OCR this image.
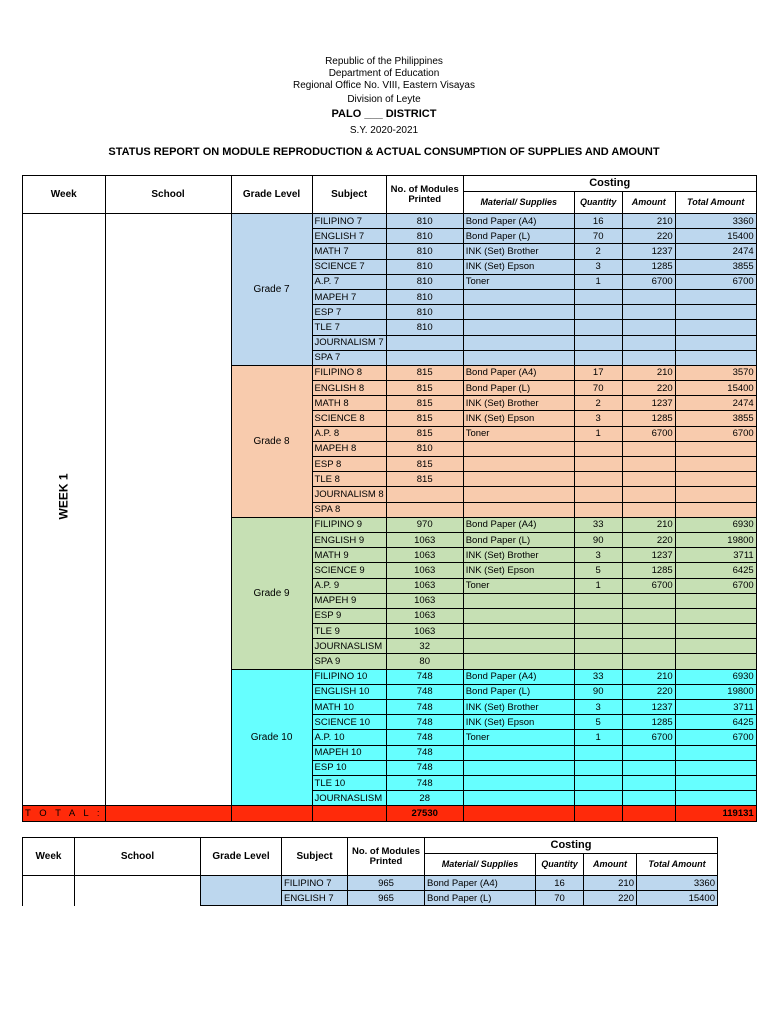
Republic of the Philippines
Department of Education
Regional Office No. VIII, Eastern Visayas
Division of Leyte
PALO ___ DISTRICT
S.Y. 2020-2021
STATUS REPORT ON MODULE REPRODUCTION & ACTUAL CONSUMPTION OF SUPPLIES AND AMOUNT
Week	School	Grade Level	Subject	No. of Modules Printed	Costing			
					Material/ Supplies	Quantity	Amount	Total Amount

WEEK 1		Grade 7	FILIPINO 7	810	Bond Paper (A4)	16	210	3360
			ENGLISH 7	810	Bond Paper (L)	70	220	15400
			MATH 7	810	INK (Set) Brother	2	1237	2474
			SCIENCE 7	810	INK (Set) Epson	3	1285	3855
			A.P. 7	810	Toner	1	6700	6700
			MAPEH 7	810				
			ESP 7	810				
			TLE 7	810				
			JOURNALISM 7					
			SPA 7					
		Grade 8	FILIPINO 8	815	Bond Paper (A4)	17	210	3570
			ENGLISH 8	815	Bond Paper (L)	70	220	15400
			MATH 8	815	INK (Set) Brother	2	1237	2474
			SCIENCE 8	815	INK (Set) Epson	3	1285	3855
			A.P. 8	815	Toner	1	6700	6700
			MAPEH 8	810				
			ESP 8	815				
			TLE 8	815				
			JOURNALISM 8					
			SPA 8					
		Grade 9	FILIPINO 9	970	Bond Paper (A4)	33	210	6930
			ENGLISH 9	1063	Bond Paper (L)	90	220	19800
			MATH 9	1063	INK (Set) Brother	3	1237	3711
			SCIENCE 9	1063	INK (Set) Epson	5	1285	6425
			A.P. 9	1063	Toner	1	6700	6700
			MAPEH 9	1063				
			ESP 9	1063				
			TLE 9	1063				
			JOURNASLISM	32				
			SPA 9	80				
		Grade 10	FILIPINO 10	748	Bond Paper (A4)	33	210	6930
			ENGLISH 10	748	Bond Paper (L)	90	220	19800
			MATH 10	748	INK (Set) Brother	3	1237	3711
			SCIENCE 10	748	INK (Set) Epson	5	1285	6425
			A.P. 10	748	Toner	1	6700	6700
			MAPEH 10	748				
			ESP 10	748				
			TLE 10	748				
			JOURNASLISM	28				
T O T A L :				27530				119131
Week	School	Grade Level	Subject	No. of Modules Printed	Costing			
					Material/ Supplies	Quantity	Amount	Total Amount
			FILIPINO 7	965	Bond Paper (A4)	16	210	3360
			ENGLISH 7	965	Bond Paper (L)	70	220	15400
